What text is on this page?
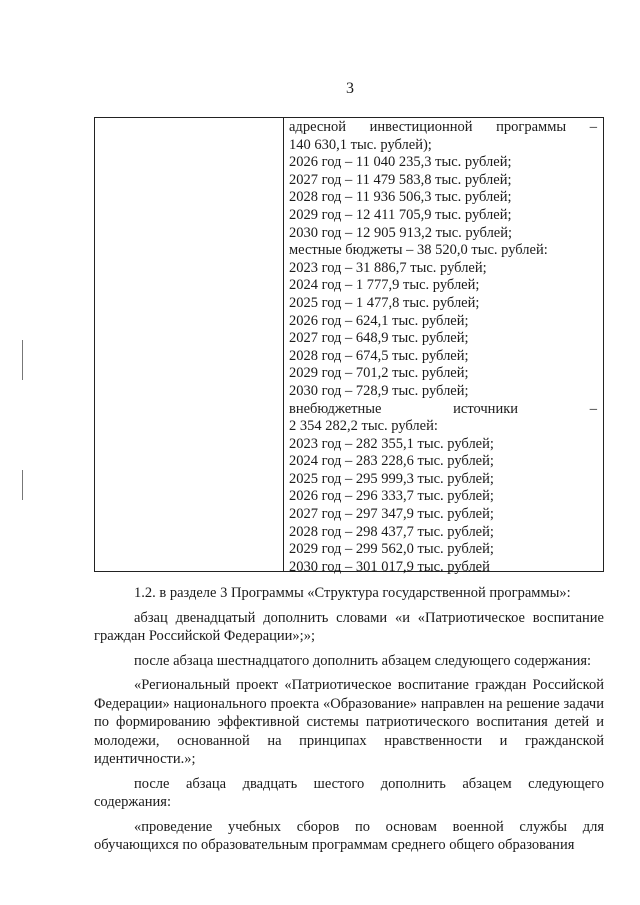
3
адресной инвестиционной программы –
140 630,1 тыс. рублей);
2026 год – 11 040 235,3 тыс. рублей;
2027 год – 11 479 583,8 тыс. рублей;
2028 год – 11 936 506,3 тыс. рублей;
2029 год – 12 411 705,9 тыс. рублей;
2030 год – 12 905 913,2 тыс. рублей;
местные бюджеты – 38 520,0 тыс. рублей:
2023 год – 31 886,7 тыс. рублей;
2024 год – 1 777,9 тыс. рублей;
2025 год – 1 477,8 тыс. рублей;
2026 год – 624,1 тыс. рублей;
2027 год – 648,9 тыс. рублей;
2028 год – 674,5 тыс. рублей;
2029 год – 701,2 тыс. рублей;
2030 год – 728,9 тыс. рублей;
внебюджетные источники –
2 354 282,2 тыс. рублей:
2023 год – 282 355,1 тыс. рублей;
2024 год – 283 228,6 тыс. рублей;
2025 год – 295 999,3 тыс. рублей;
2026 год – 296 333,7 тыс. рублей;
2027 год – 297 347,9 тыс. рублей;
2028 год – 298 437,7 тыс. рублей;
2029 год – 299 562,0 тыс. рублей;
2030 год – 301 017,9 тыс. рублей

1.2. в разделе 3 Программы «Структура государственной программы»:

абзац двенадцатый дополнить словами «и «Патриотическое воспитание граждан Российской Федерации»;»;

после абзаца шестнадцатого дополнить абзацем следующего содержания:

«Региональный проект «Патриотическое воспитание граждан Российской Федерации» национального проекта «Образование» направлен на решение задачи по формированию эффективной системы патриотического воспитания детей и молодежи, основанной на принципах нравственности и гражданской идентичности.»;

после абзаца двадцать шестого дополнить абзацем следующего содержания:

«проведение учебных сборов по основам военной службы для обучающихся по образовательным программам среднего общего образования
